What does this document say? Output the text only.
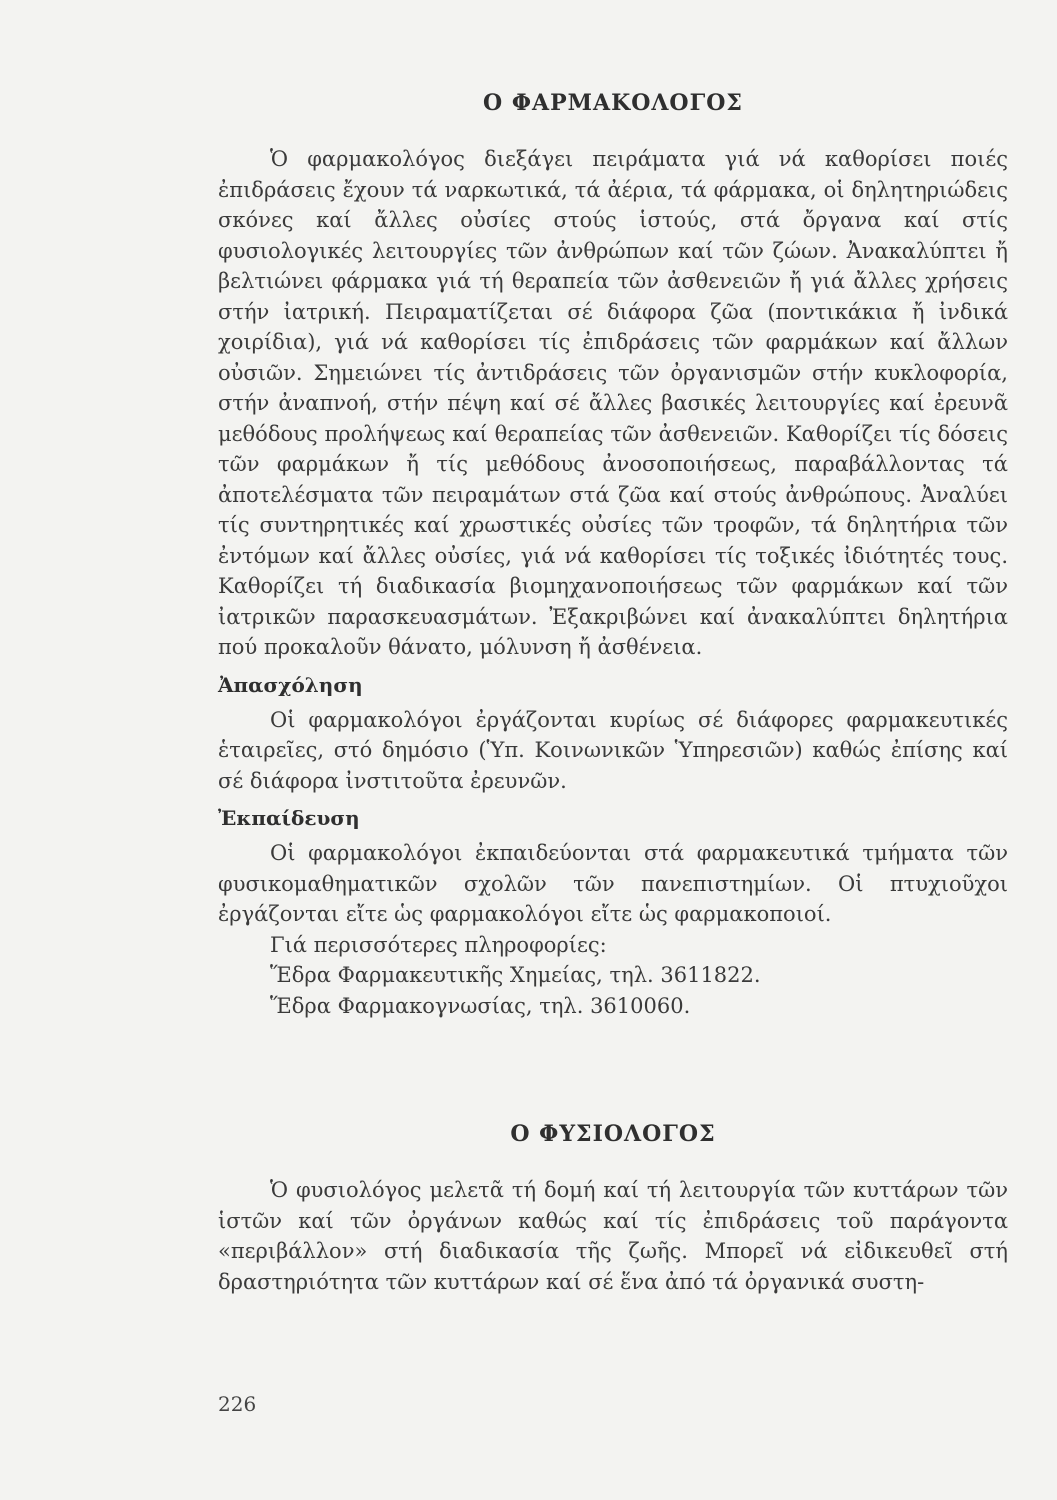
Ο ΦΑΡΜΑΚΟΛΟΓΟΣ

Ὁ φαρμακολόγος διεξάγει πειράματα γιά νά καθορίσει ποιές ἐπιδράσεις ἔχουν τά ναρκωτικά, τά ἀέρια, τά φάρμακα, οἱ δηλητηριώδεις σκόνες καί ἄλλες οὐσίες στούς ἱστούς, στά ὄργανα καί στίς φυσιολογικές λειτουργίες τῶν ἀνθρώπων καί τῶν ζώων. Ἀνακαλύπτει ἤ βελτιώνει φάρμακα γιά τή θεραπεία τῶν ἀσθενειῶν ἤ γιά ἄλλες χρήσεις στήν ἰατρική. Πειραματίζεται σέ διάφορα ζῶα (ποντικάκια ἤ ἰνδικά χοιρίδια), γιά νά καθορίσει τίς ἐπιδράσεις τῶν φαρμάκων καί ἄλλων οὐσιῶν. Σημειώνει τίς ἀντιδράσεις τῶν ὀργανισμῶν στήν κυκλοφορία, στήν ἀναπνοή, στήν πέψη καί σέ ἄλλες βασικές λειτουργίες καί ἐρευνᾶ μεθόδους προλήψεως καί θεραπείας τῶν ἀσθενειῶν. Καθορίζει τίς δόσεις τῶν φαρμάκων ἤ τίς μεθόδους ἀνοσοποιήσεως, παραβάλλοντας τά ἀποτελέσματα τῶν πειραμάτων στά ζῶα καί στούς ἀνθρώπους. Ἀναλύει τίς συντηρητικές καί χρωστικές οὐσίες τῶν τροφῶν, τά δηλητήρια τῶν ἐντόμων καί ἄλλες οὐσίες, γιά νά καθορίσει τίς τοξικές ἰδιότητές τους. Καθορίζει τή διαδικασία βιομηχανοποιήσεως τῶν φαρμάκων καί τῶν ἰατρικῶν παρασκευασμάτων. Ἐξακριβώνει καί ἀνακαλύπτει δηλητήρια πού προκαλοῦν θάνατο, μόλυνση ἤ ἀσθένεια.

Ἀπασχόληση

Οἱ φαρμακολόγοι ἐργάζονται κυρίως σέ διάφορες φαρμακευτικές ἑταιρεῖες, στό δημόσιο (Ὑπ. Κοινωνικῶν Ὑπηρεσιῶν) καθώς ἐπίσης καί σέ διάφορα ἰνστιτοῦτα ἐρευνῶν.

Ἐκπαίδευση

Οἱ φαρμακολόγοι ἐκπαιδεύονται στά φαρμακευτικά τμήματα τῶν φυσικομαθηματικῶν σχολῶν τῶν πανεπιστημίων. Οἱ πτυχιοῦχοι ἐργάζονται εἴτε ὡς φαρμακολόγοι εἴτε ὡς φαρμακοποιοί.

Γιά περισσότερες πληροφορίες:
Ἕδρα Φαρμακευτικῆς Χημείας, τηλ. 3611822.
Ἕδρα Φαρμακογνωσίας, τηλ. 3610060.
Ο ΦΥΣΙΟΛΟΓΟΣ

Ὁ φυσιολόγος μελετᾶ τή δομή καί τή λειτουργία τῶν κυττάρων τῶν ἱστῶν καί τῶν ὀργάνων καθώς καί τίς ἐπιδράσεις τοῦ παράγοντα «περιβάλλον» στή διαδικασία τῆς ζωῆς. Μπορεῖ νά εἰδικευθεῖ στή δραστηριότητα τῶν κυττάρων καί σέ ἕνα ἀπό τά ὀργανικά συστη-

226
